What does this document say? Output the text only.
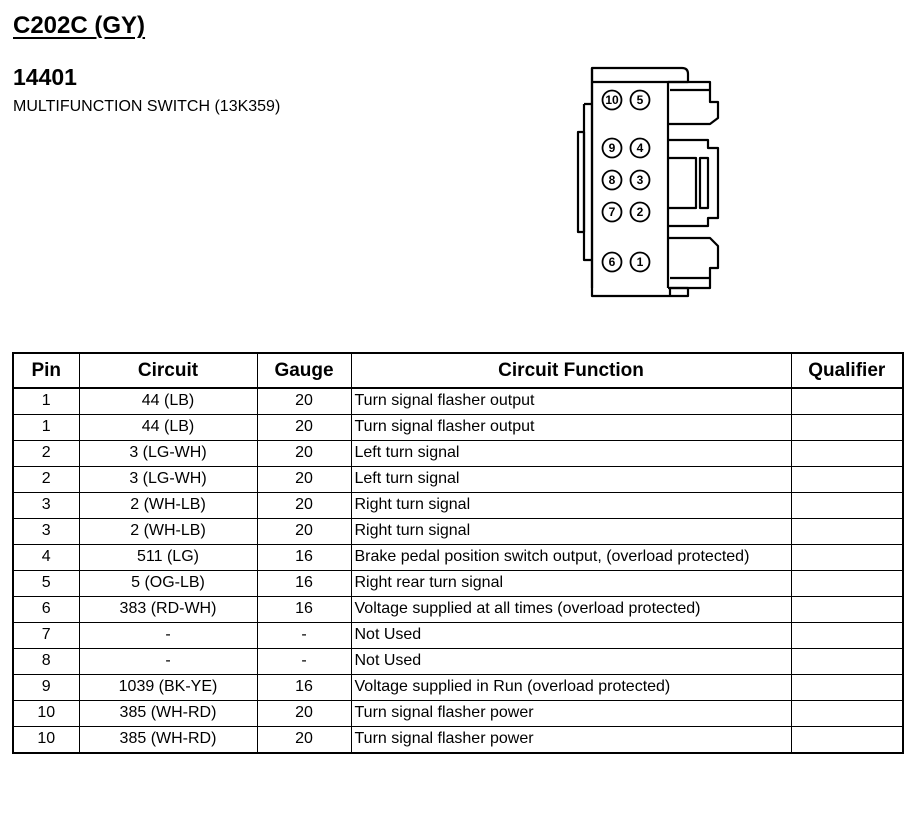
C202C (GY)
14401
MULTIFUNCTION SWITCH (13K359)	10 5
9 4
8 3
7 2
6 1
Pin	Circuit	Gauge	Circuit Function	Qualifier
1	44 (LB)	20	Turn signal flasher output	
1	44 (LB)	20	Turn signal flasher output	
2	3 (LG-WH)	20	Left turn signal	
2	3 (LG-WH)	20	Left turn signal	
3	2 (WH-LB)	20	Right turn signal	
3	2 (WH-LB)	20	Right turn signal	
4	511 (LG)	16	Brake pedal position switch output, (overload protected)	
5	5 (OG-LB)	16	Right rear turn signal	
6	383 (RD-WH)	16	Voltage supplied at all times (overload protected)	
7	-	-	Not Used	
8	-	-	Not Used	
9	1039 (BK-YE)	16	Voltage supplied in Run (overload protected)	
10	385 (WH-RD)	20	Turn signal flasher power	
10	385 (WH-RD)	20	Turn signal flasher power	
